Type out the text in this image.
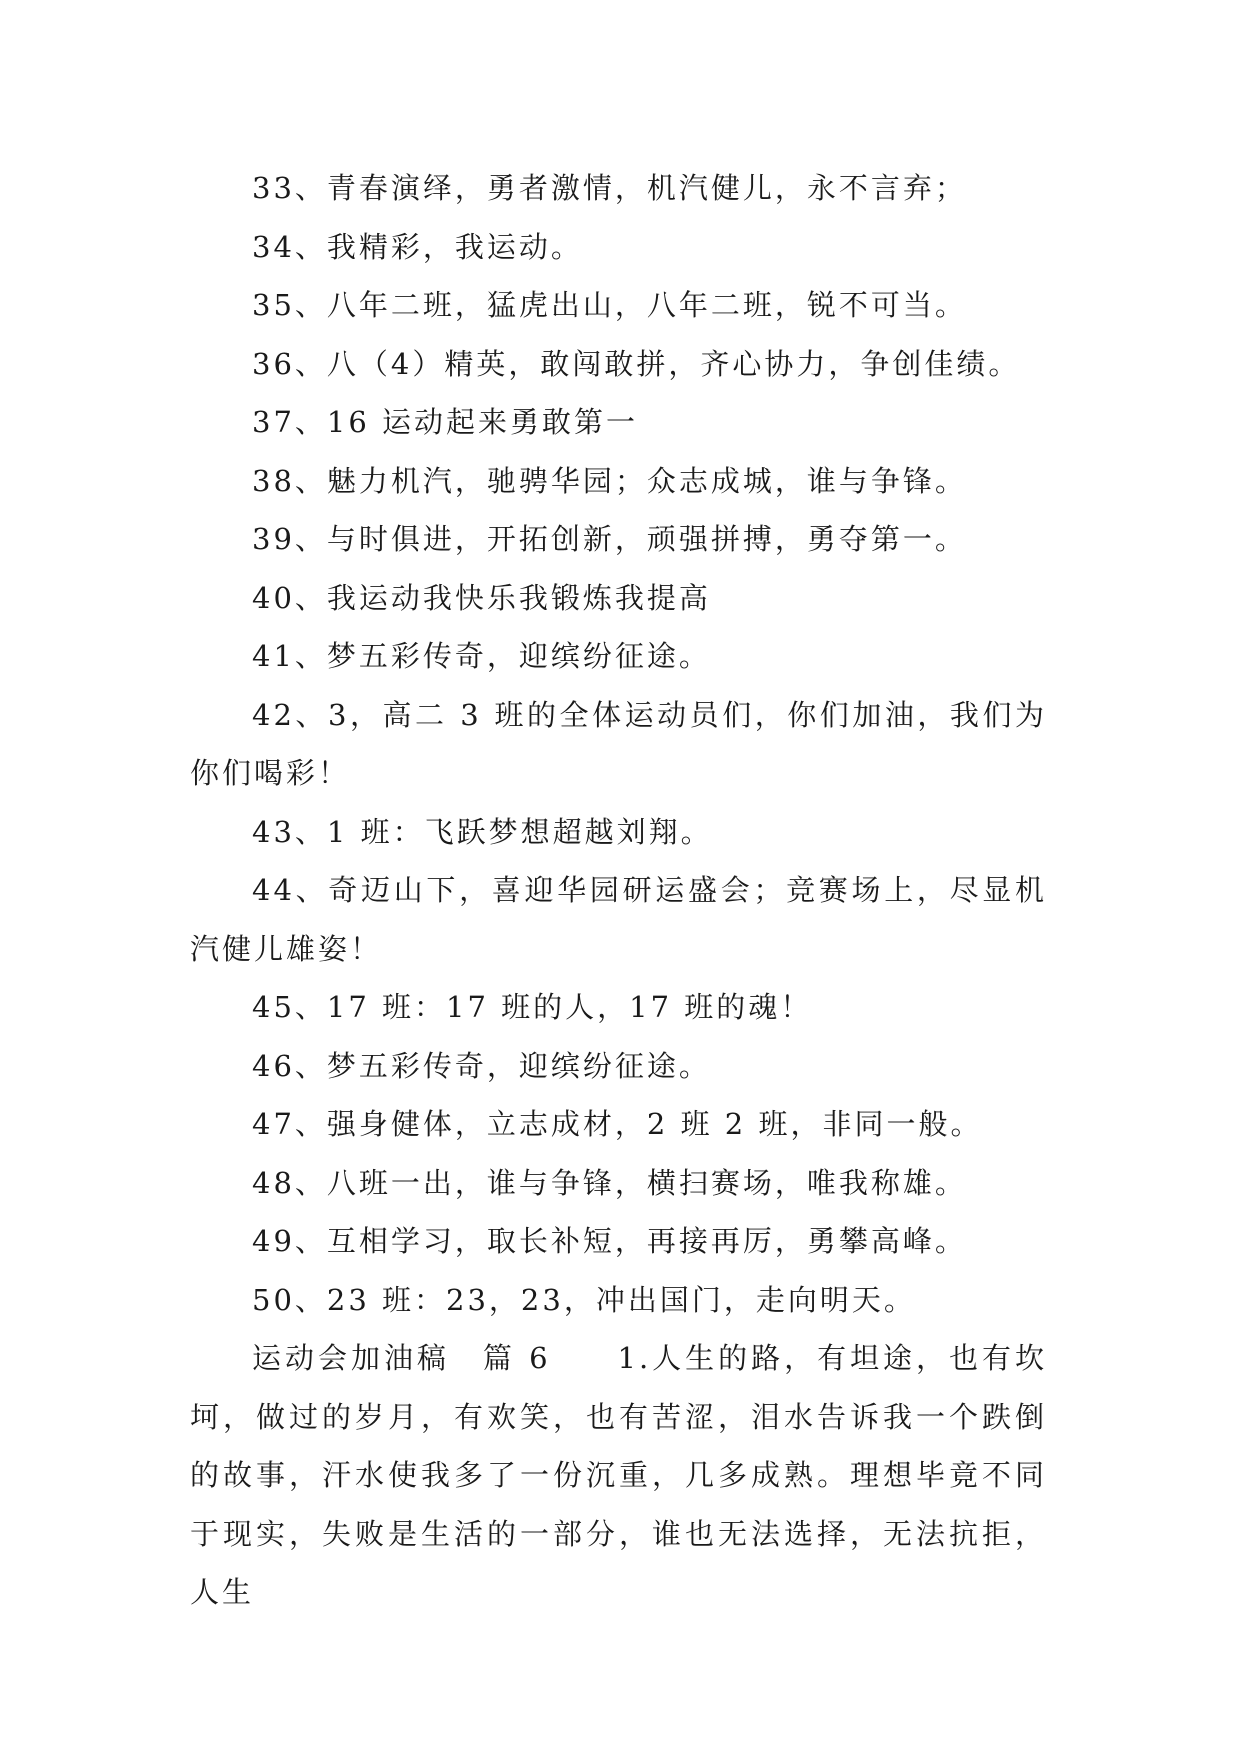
33、青春演绎，勇者激情，机汽健儿，永不言弃；

34、我精彩，我运动。

35、八年二班，猛虎出山，八年二班，锐不可当。

36、八（4）精英，敢闯敢拼，齐心协力，争创佳绩。

37、16 运动起来勇敢第一

38、魅力机汽，驰骋华园；众志成城，谁与争锋。

39、与时俱进，开拓创新，顽强拼搏，勇夺第一。

40、我运动我快乐我锻炼我提高

41、梦五彩传奇，迎缤纷征途。

42、3，高二 3 班的全体运动员们，你们加油，我们为你们喝彩！

43、1 班：飞跃梦想超越刘翔。

44、奇迈山下，喜迎华园研运盛会；竞赛场上，尽显机汽健儿雄姿！

45、17 班：17 班的人，17 班的魂！

46、梦五彩传奇，迎缤纷征途。

47、强身健体，立志成材，2 班 2 班，非同一般。

48、八班一出，谁与争锋，横扫赛场，唯我称雄。

49、互相学习，取长补短，再接再厉，勇攀高峰。

50、23 班：23，23，冲出国门，走向明天。

运动会加油稿　篇 6　　1.人生的路，有坦途，也有坎坷，做过的岁月，有欢笑，也有苦涩，泪水告诉我一个跌倒的故事，汗水使我多了一份沉重，几多成熟。理想毕竟不同于现实，失败是生活的一部分，谁也无法选择，无法抗拒，人生
